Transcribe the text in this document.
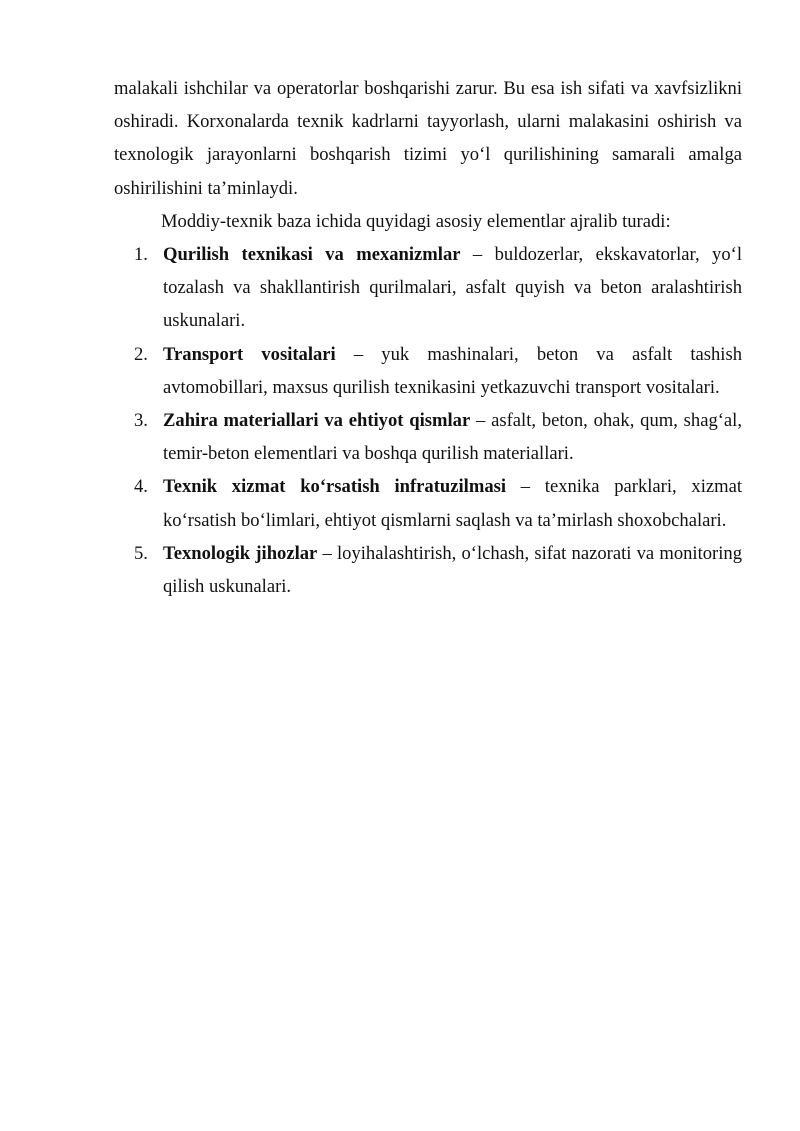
malakali ishchilar va operatorlar boshqarishi zarur. Bu esa ish sifati va xavfsizlikni oshiradi. Korxonalarda texnik kadrlarni tayyorlash, ularni malakasini oshirish va texnologik jarayonlarni boshqarish tizimi yo‘l qurilishining samarali amalga oshirilishini ta’minlaydi.

Moddiy-texnik baza ichida quyidagi asosiy elementlar ajralib turadi:

1. Qurilish texnikasi va mexanizmlar – buldozerlar, ekskavatorlar, yo‘l tozalash va shakllantirish qurilmalari, asfalt quyish va beton aralashtirish uskunalari.
2. Transport vositalari – yuk mashinalari, beton va asfalt tashish avtomobillari, maxsus qurilish texnikasini yetkazuvchi transport vositalari.
3. Zahira materiallari va ehtiyot qismlar – asfalt, beton, ohak, qum, shag‘al, temir-beton elementlari va boshqa qurilish materiallari.
4. Texnik xizmat ko‘rsatish infratuzilmasi – texnika parklari, xizmat ko‘rsatish bo‘limlari, ehtiyot qismlarni saqlash va ta’mirlash shoxobchalari.
5. Texnologik jihozlar – loyihalashtirish, o‘lchash, sifat nazorati va monitoring qilish uskunalari.
